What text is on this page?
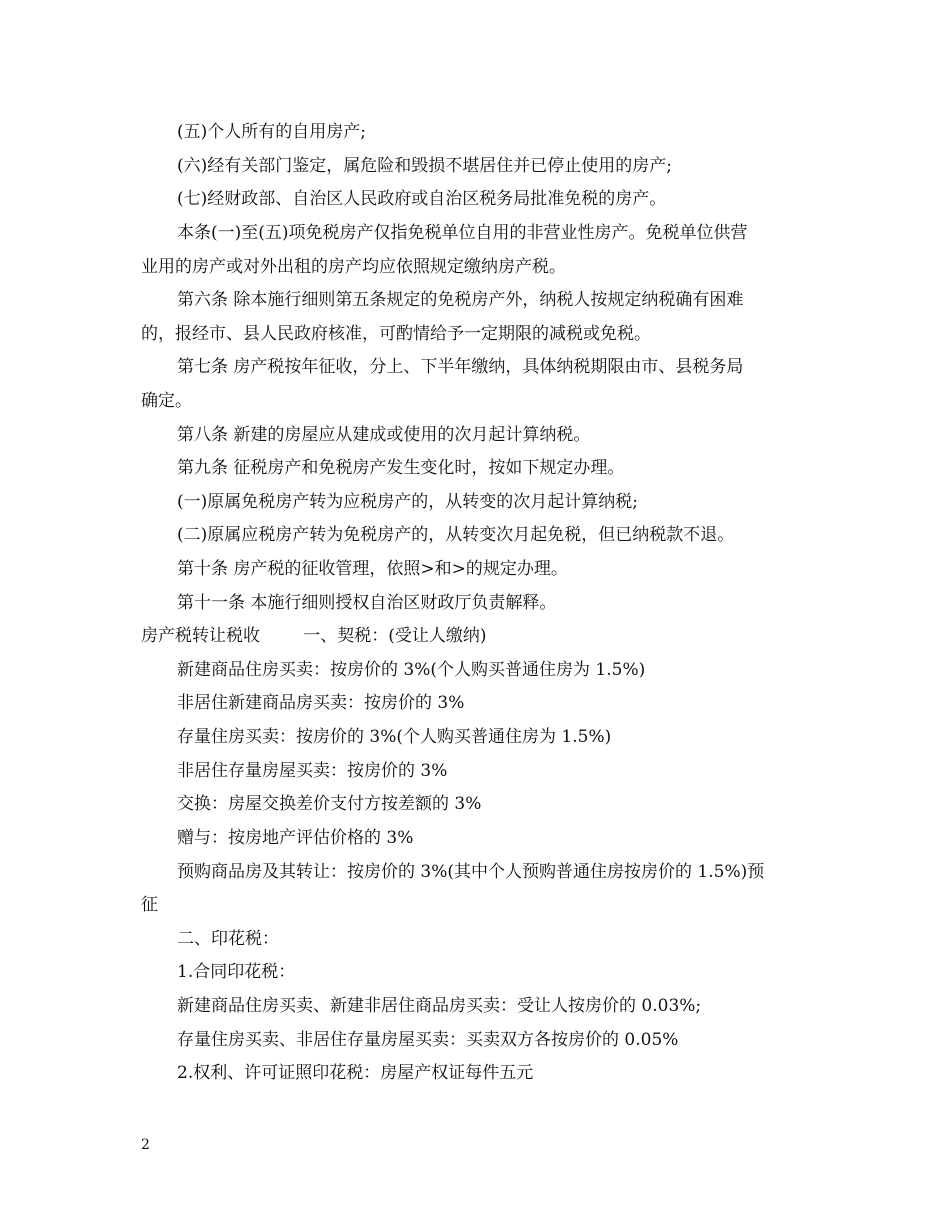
(五)个人所有的自用房产;
(六)经有关部门鉴定，属危险和毁损不堪居住并已停止使用的房产;
(七)经财政部、自治区人民政府或自治区税务局批准免税的房产。
本条(一)至(五)项免税房产仅指免税单位自用的非营业性房产。免税单位供营
业用的房产或对外出租的房产均应依照规定缴纳房产税。
第六条 除本施行细则第五条规定的免税房产外，纳税人按规定纳税确有困难
的，报经市、县人民政府核准，可酌情给予一定期限的减税或免税。
第七条 房产税按年征收，分上、下半年缴纳，具体纳税期限由市、县税务局
确定。
第八条 新建的房屋应从建成或使用的次月起计算纳税。
第九条 征税房产和免税房产发生变化时，按如下规定办理。
(一)原属免税房产转为应税房产的，从转变的次月起计算纳税;
(二)原属应税房产转为免税房产的，从转变次月起免税，但已纳税款不退。
第十条 房产税的征收管理，依照>和>的规定办理。
第十一条 本施行细则授权自治区财政厅负责解释。
房产税转让税收        一、契税：(受让人缴纳)
新建商品住房买卖：按房价的 3%(个人购买普通住房为 1.5%)
非居住新建商品房买卖：按房价的 3%
存量住房买卖：按房价的 3%(个人购买普通住房为 1.5%)
非居住存量房屋买卖：按房价的 3%
交换：房屋交换差价支付方按差额的 3%
赠与：按房地产评估价格的 3%
预购商品房及其转让：按房价的 3%(其中个人预购普通住房按房价的 1.5%)预
征
二、印花税：
1.合同印花税：
新建商品住房买卖、新建非居住商品房买卖：受让人按房价的 0.03%;
存量住房买卖、非居住存量房屋买卖：买卖双方各按房价的 0.05%
2.权利、许可证照印花税：房屋产权证每件五元
2
